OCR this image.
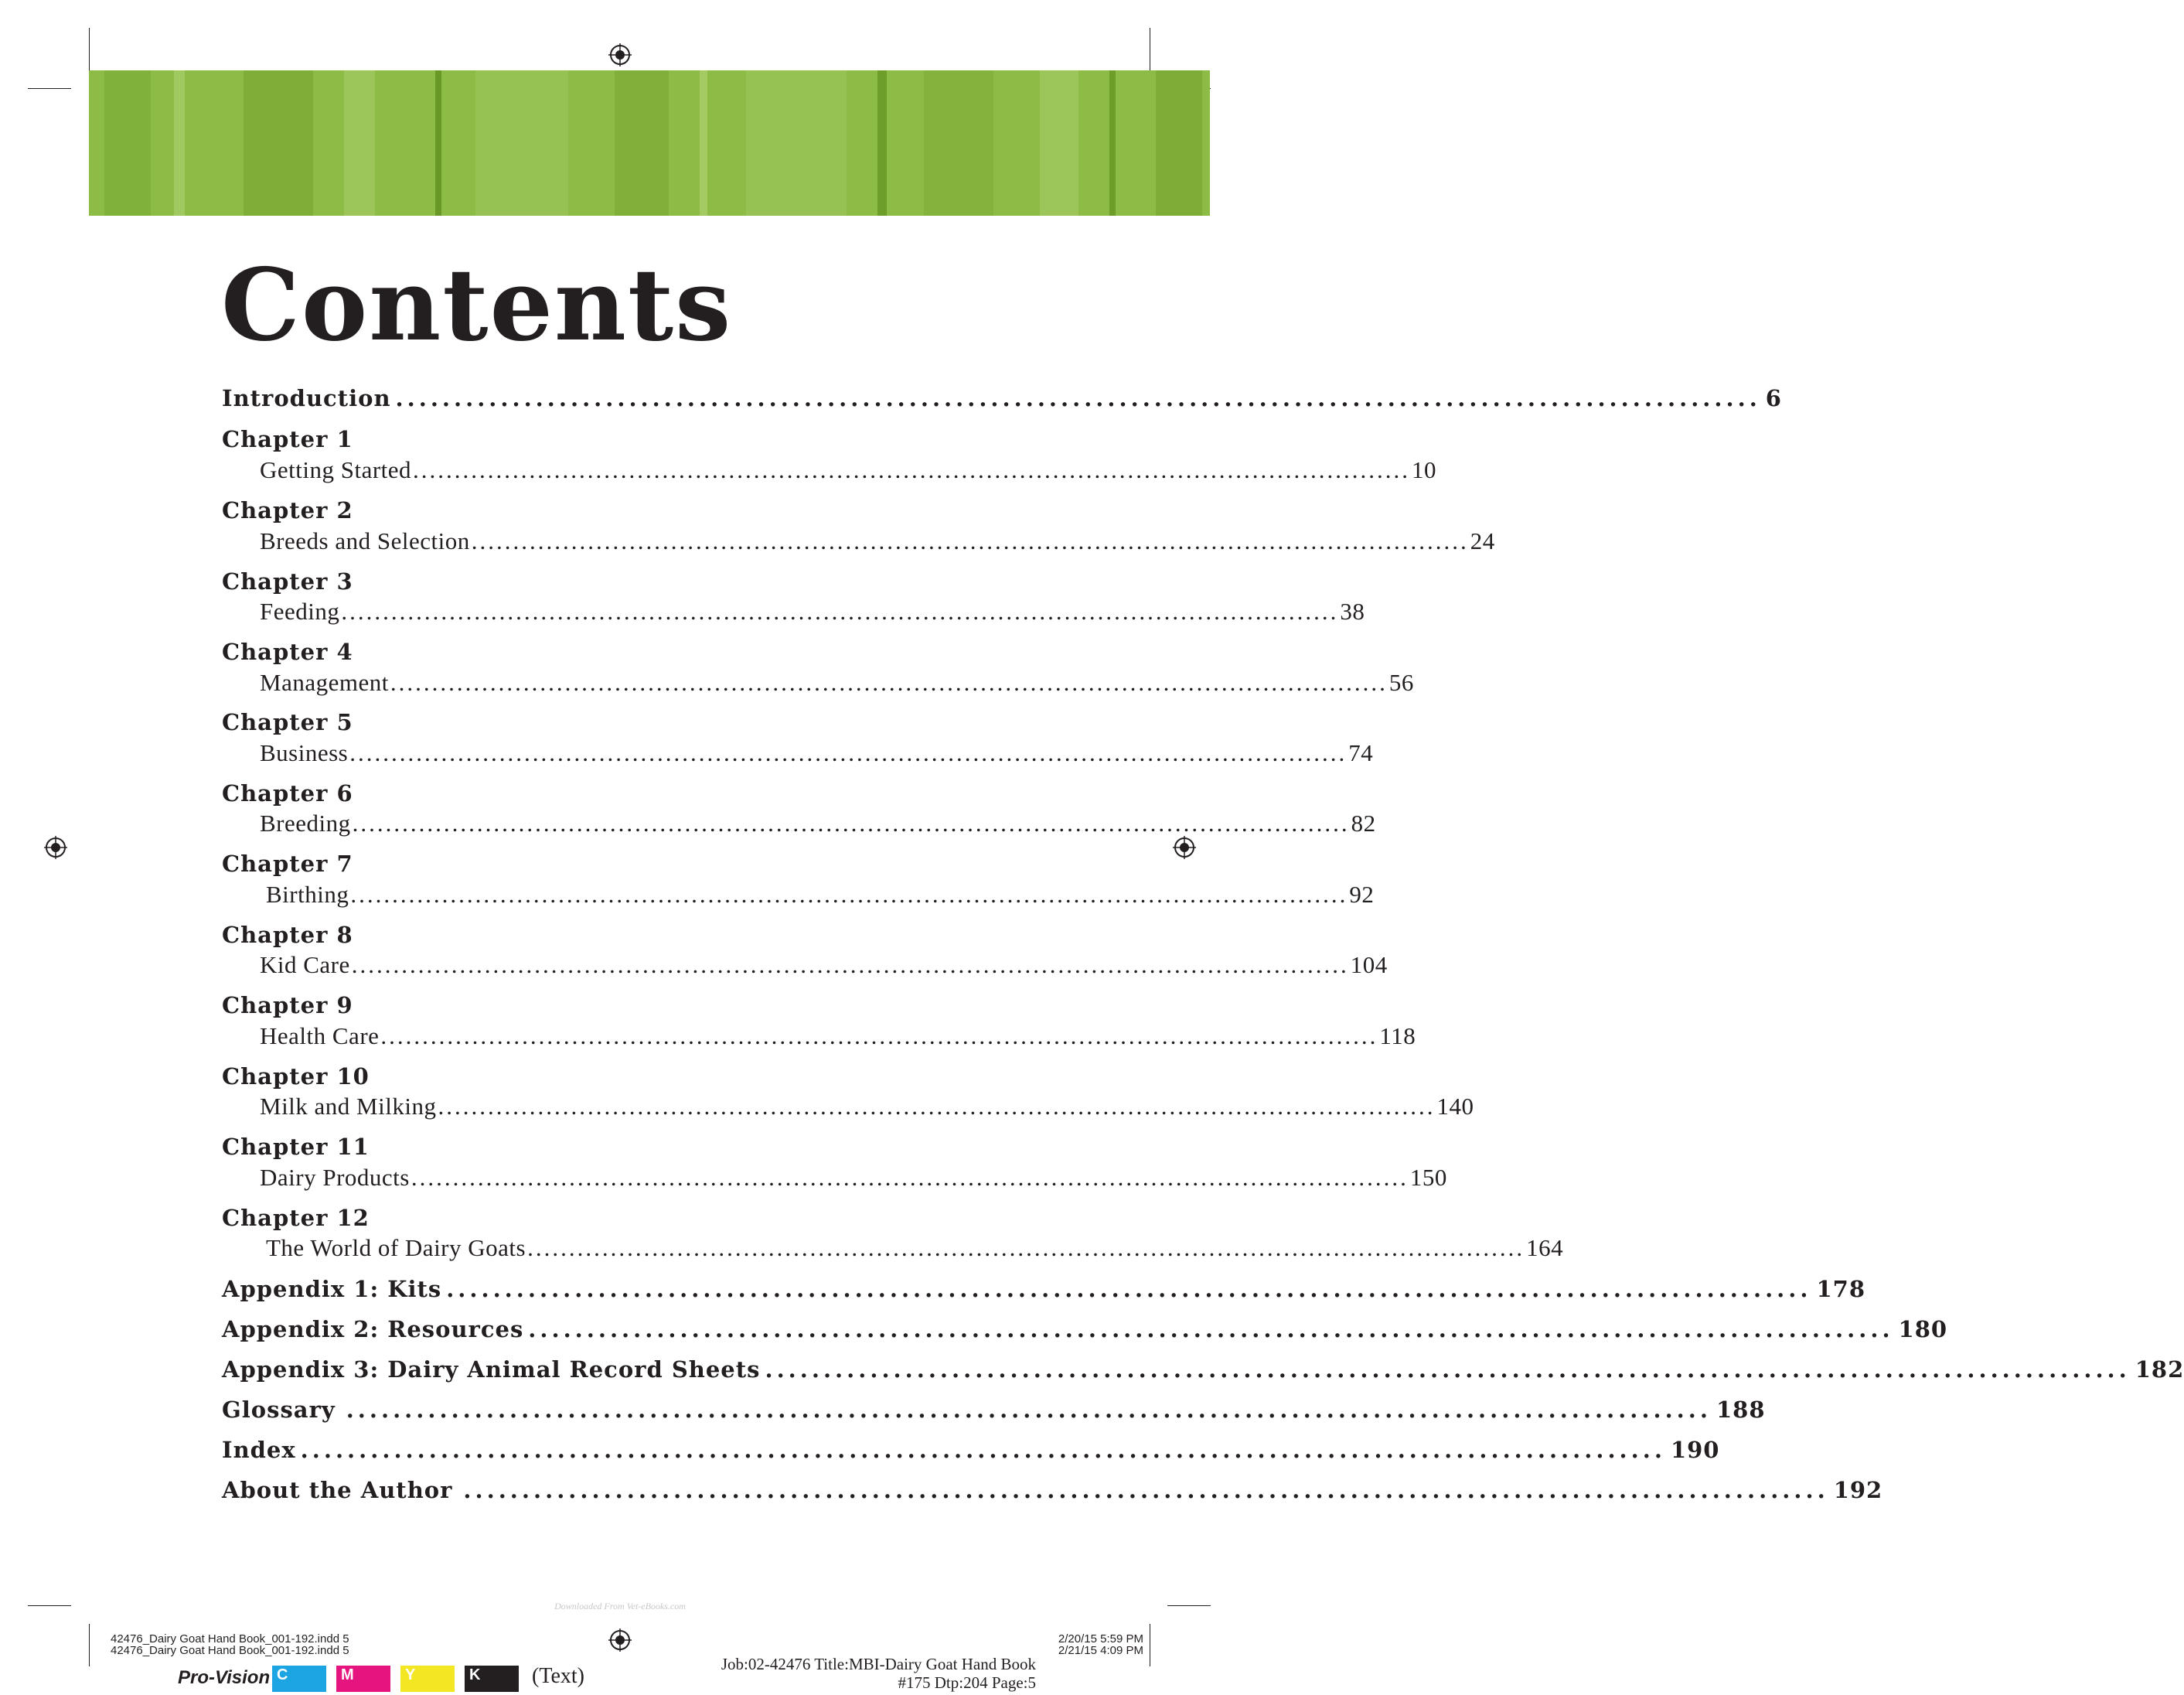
Contents
Introduction ..................................................................................................................... 6
Chapter 1
Getting Started ........................................................................................................................ 10
Chapter 2
Breeds and Selection ........................................................................................................................ 24
Chapter 3
Feeding ........................................................................................................................ 38
Chapter 4
Management ........................................................................................................................ 56
Chapter 5
Business ........................................................................................................................ 74
Chapter 6
Breeding ........................................................................................................................ 82
Chapter 7
Birthing ........................................................................................................................ 92
Chapter 8
Kid Care ........................................................................................................................ 104
Chapter 9
Health Care ........................................................................................................................ 118
Chapter 10
Milk and Milking ........................................................................................................................ 140
Chapter 11
Dairy Products ........................................................................................................................ 150
Chapter 12
The World of Dairy Goats ........................................................................................................................ 164
Appendix 1: Kits ..................................................................................................................... 178
Appendix 2: Resources ..................................................................................................................... 180
Appendix 3: Dairy Animal Record Sheets ..................................................................................................................... 182
Glossary ..................................................................................................................... 188
Index ..................................................................................................................... 190
About the Author ..................................................................................................................... 192
Downloaded From Vet-eBooks.com
42476_Dairy Goat Hand Book_001-192.indd 5
42476_Dairy Goat Hand Book_001-192.indd 5
2/20/15 5:59 PM
2/21/15 4:09 PM
Job:02-42476 Title:MBI-Dairy Goat Hand Book
#175 Dtp:204 Page:5
Pro-Vision C	M	Y	K	(Text)
